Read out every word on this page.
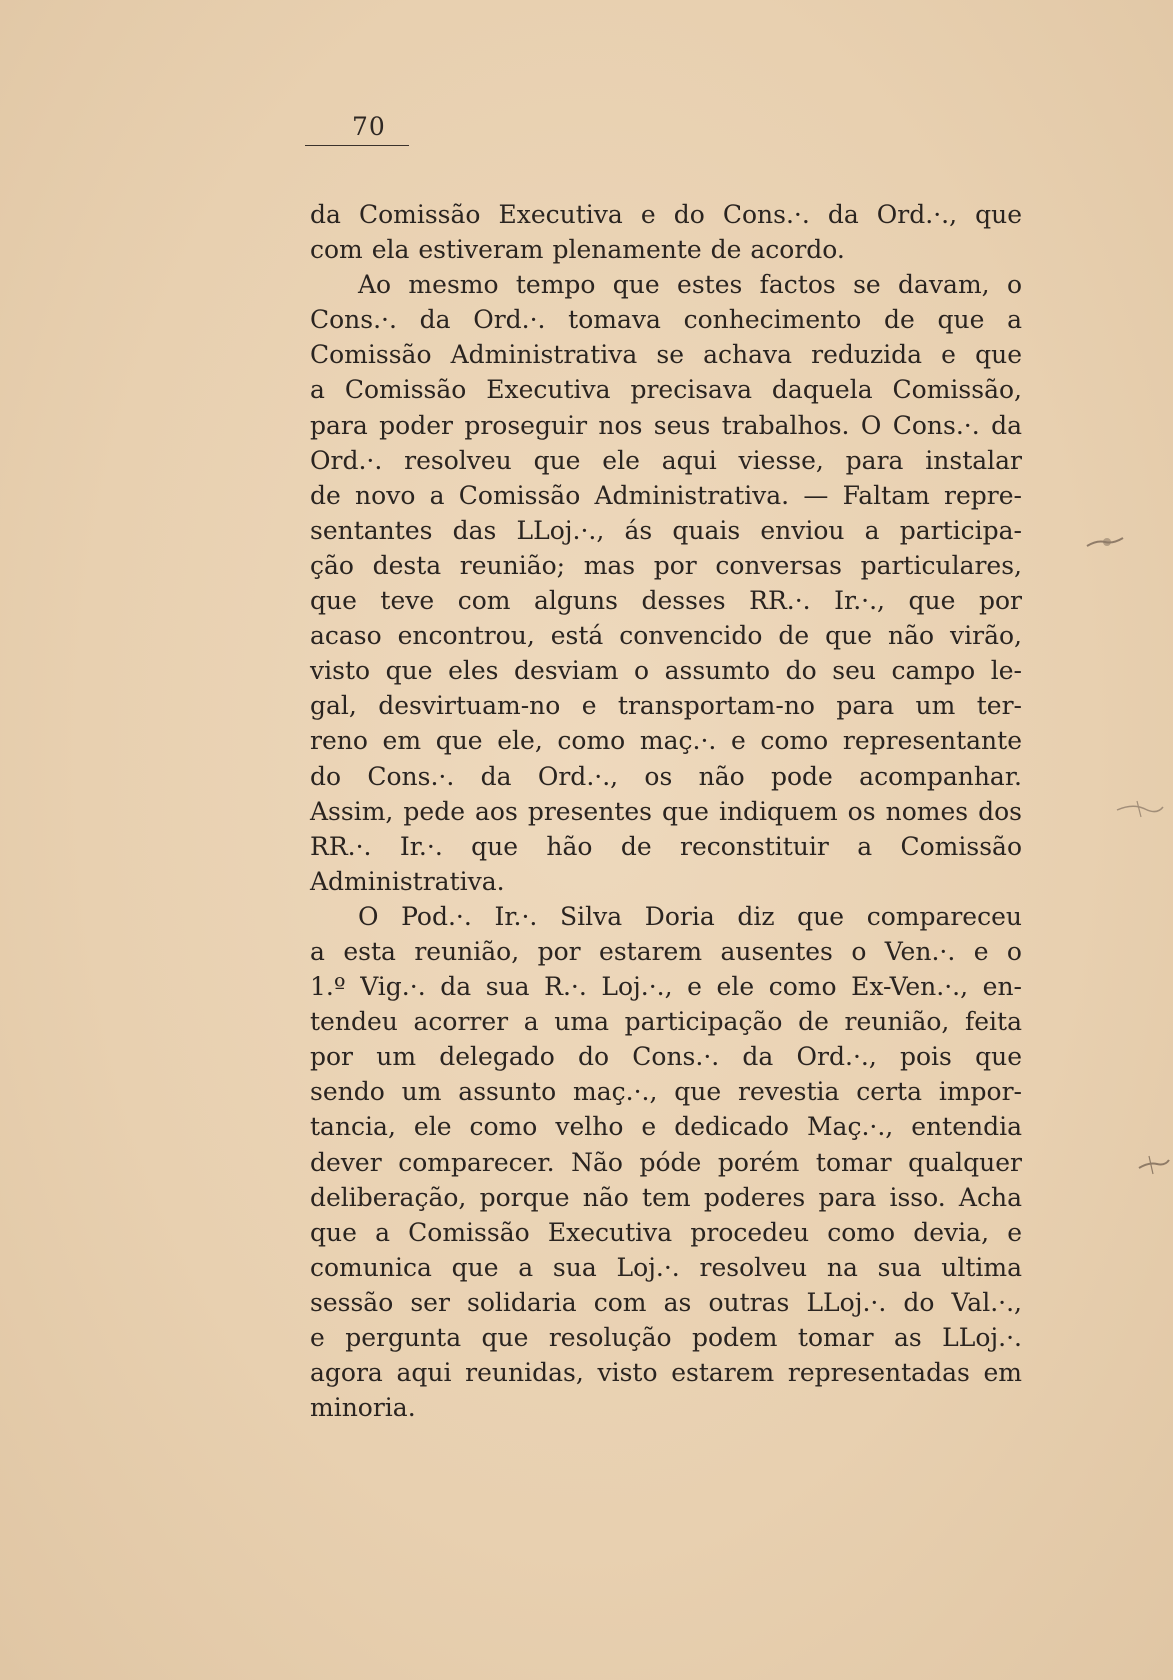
70
da Comissão Executiva e do Cons.·. da Ord.·., que
com ela estiveram plenamente de acordo.
Ao mesmo tempo que estes factos se davam, o
Cons.·. da Ord.·. tomava conhecimento de que a
Comissão Administrativa se achava reduzida e que
a Comissão Executiva precisava daquela Comissão,
para poder proseguir nos seus trabalhos. O Cons.·. da
Ord.·. resolveu que ele aqui viesse, para instalar
de novo a Comissão Administrativa. — Faltam repre-
sentantes das LLoj.·., ás quais enviou a participa-
ção desta reunião; mas por conversas particulares,
que teve com alguns desses RR.·. Ir.·., que por
acaso encontrou, está convencido de que não virão,
visto que eles desviam o assumto do seu campo le-
gal, desvirtuam-no e transportam-no para um ter-
reno em que ele, como maç.·. e como representante
do Cons.·. da Ord.·., os não pode acompanhar.
Assim, pede aos presentes que indiquem os nomes dos
RR.·. Ir.·. que hão de reconstituir a Comissão
Administrativa.
O Pod.·. Ir.·. Silva Doria diz que compareceu
a esta reunião, por estarem ausentes o Ven.·. e o
1.º Vig.·. da sua R.·. Loj.·., e ele como Ex-Ven.·., en-
tendeu acorrer a uma participação de reunião, feita
por um delegado do Cons.·. da Ord.·., pois que
sendo um assunto maç.·., que revestia certa impor-
tancia, ele como velho e dedicado Maç.·., entendia
dever comparecer. Não póde porém tomar qualquer
deliberação, porque não tem poderes para isso. Acha
que a Comissão Executiva procedeu como devia, e
comunica que a sua Loj.·. resolveu na sua ultima
sessão ser solidaria com as outras LLoj.·. do Val.·.,
e pergunta que resolução podem tomar as LLoj.·.
agora aqui reunidas, visto estarem representadas em
minoria.
